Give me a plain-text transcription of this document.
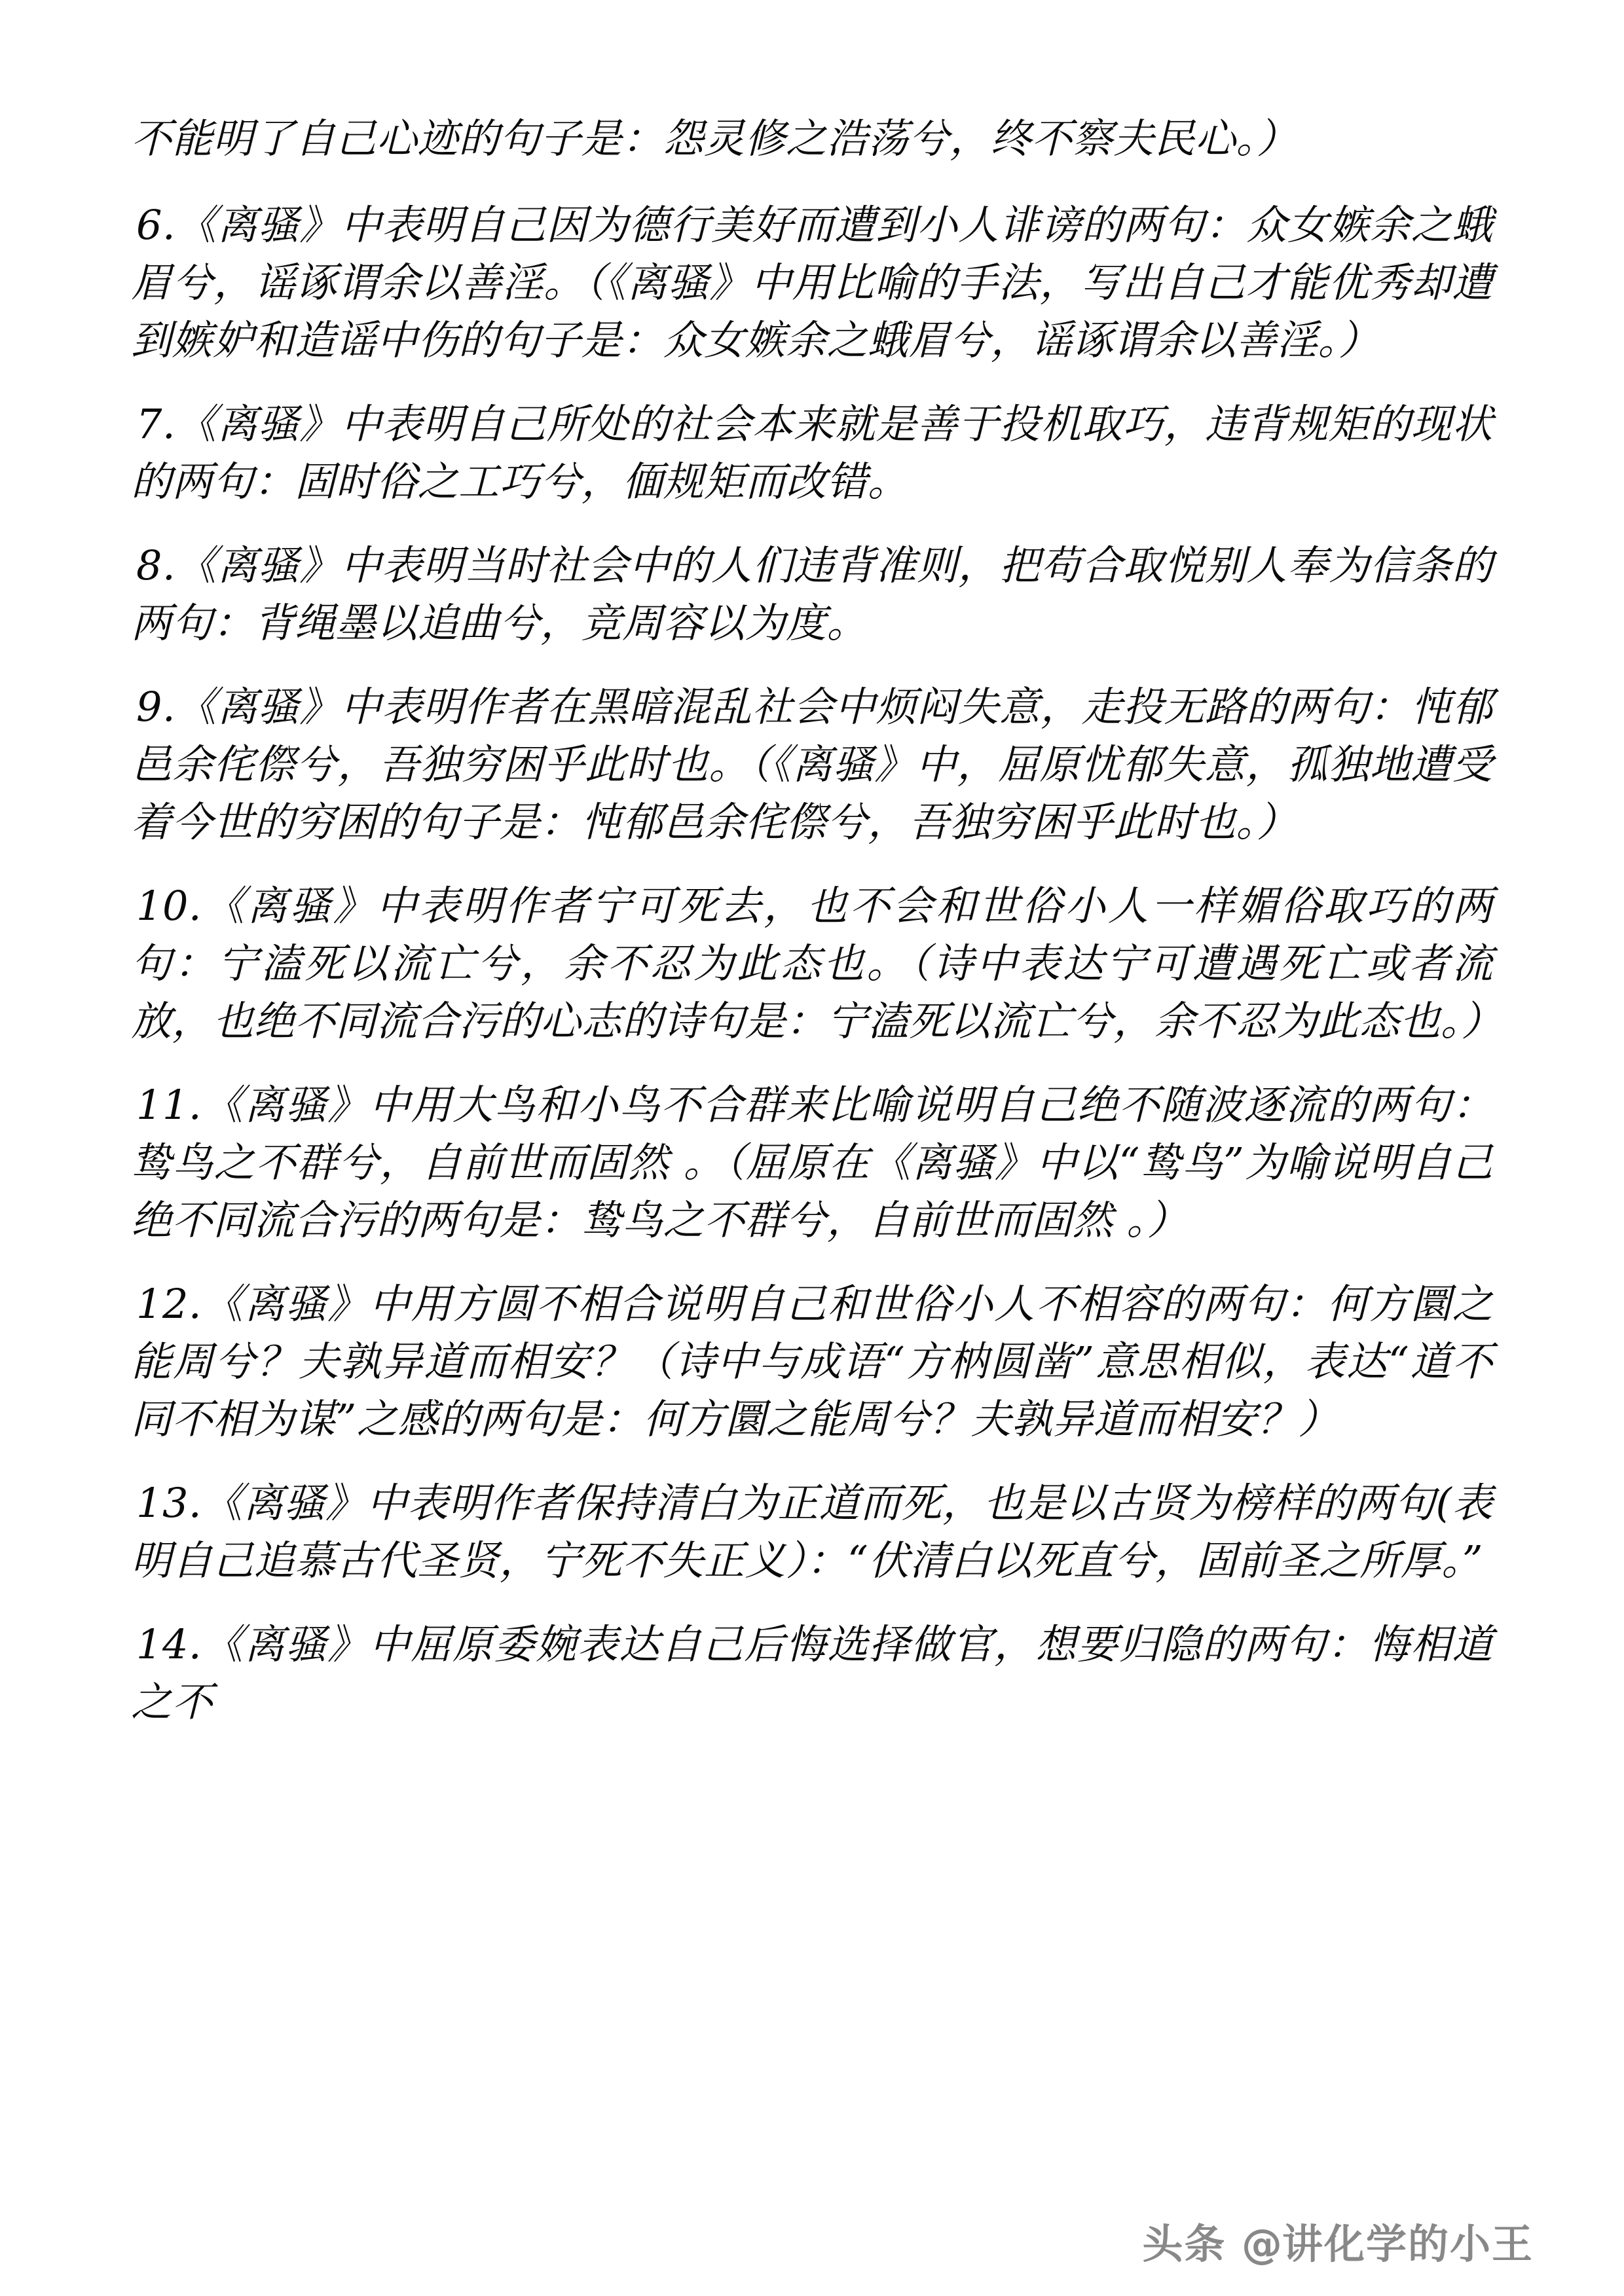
不能明了自己心迹的句子是：怨灵修之浩荡兮，终不察夫民心。）

6.《离骚》中表明自己因为德行美好而遭到小人诽谤的两句：众女嫉余之蛾眉兮，谣诼谓余以善淫。（《离骚》中用比喻的手法，写出自己才能优秀却遭到嫉妒和造谣中伤的句子是：众女嫉余之蛾眉兮，谣诼谓余以善淫。）

7.《离骚》中表明自己所处的社会本来就是善于投机取巧，违背规矩的现状的两句：固时俗之工巧兮，偭规矩而改错。

8.《离骚》中表明当时社会中的人们违背准则，把苟合取悦别人奉为信条的两句：背绳墨以追曲兮，竞周容以为度。

9.《离骚》中表明作者在黑暗混乱社会中烦闷失意，走投无路的两句：忳郁邑余侘傺兮，吾独穷困乎此时也。（《离骚》中，屈原忧郁失意，孤独地遭受着今世的穷困的句子是：忳郁邑余侘傺兮，吾独穷困乎此时也。）

10.《离骚》中表明作者宁可死去，也不会和世俗小人一样媚俗取巧的两句：宁溘死以流亡兮，余不忍为此态也。（诗中表达宁可遭遇死亡或者流放，也绝不同流合污的心志的诗句是：宁溘死以流亡兮，余不忍为此态也。）

11.《离骚》中用大鸟和小鸟不合群来比喻说明自己绝不随波逐流的两句：鸷鸟之不群兮，自前世而固然 。（屈原在《离骚》中以“鸷鸟”为喻说明自己绝不同流合污的两句是：鸷鸟之不群兮，自前世而固然 。）

12.《离骚》中用方圆不相合说明自己和世俗小人不相容的两句：何方圜之能周兮？夫孰异道而相安？（诗中与成语“方枘圆凿”意思相似，表达“道不同不相为谋”之感的两句是：何方圜之能周兮？夫孰异道而相安？）

13.《离骚》中表明作者保持清白为正道而死，也是以古贤为榜样的两句(表明自己追慕古代圣贤，宁死不失正义）：“伏清白以死直兮，固前圣之所厚。”

14.《离骚》中屈原委婉表达自己后悔选择做官，想要归隐的两句：悔相道之不

头条 @讲化学的小王
